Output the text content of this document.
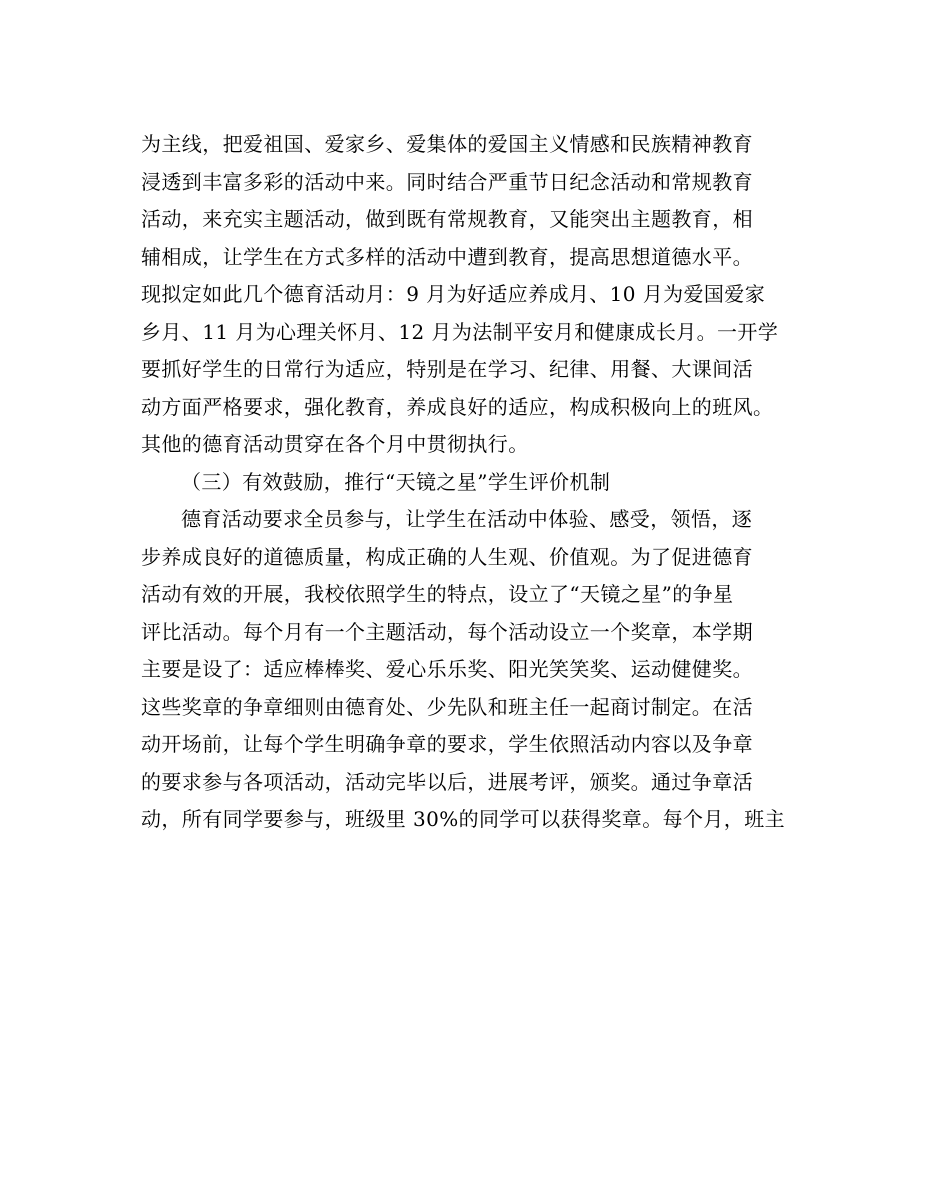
为主线，把爱祖国、爱家乡、爱集体的爱国主义情感和民族精神教育
浸透到丰富多彩的活动中来。同时结合严重节日纪念活动和常规教育
活动，来充实主题活动，做到既有常规教育，又能突出主题教育，相
辅相成，让学生在方式多样的活动中遭到教育，提高思想道德水平。
现拟定如此几个德育活动月：9 月为好适应养成月、10 月为爱国爱家
乡月、11 月为心理关怀月、12 月为法制平安月和健康成长月。一开学
要抓好学生的日常行为适应，特别是在学习、纪律、用餐、大课间活
动方面严格要求，强化教育，养成良好的适应，构成积极向上的班风。
其他的德育活动贯穿在各个月中贯彻执行。
（三）有效鼓励，推行“天镜之星”学生评价机制
德育活动要求全员参与，让学生在活动中体验、感受，领悟，逐
步养成良好的道德质量，构成正确的人生观、价值观。为了促进德育
活动有效的开展，我校依照学生的特点，设立了“天镜之星”的争星
评比活动。每个月有一个主题活动，每个活动设立一个奖章，本学期
主要是设了：适应棒棒奖、爱心乐乐奖、阳光笑笑奖、运动健健奖。
这些奖章的争章细则由德育处、少先队和班主任一起商讨制定。在活
动开场前，让每个学生明确争章的要求，学生依照活动内容以及争章
的要求参与各项活动，活动完毕以后，进展考评，颁奖。通过争章活
动，所有同学要参与，班级里 30%的同学可以获得奖章。每个月，班主
